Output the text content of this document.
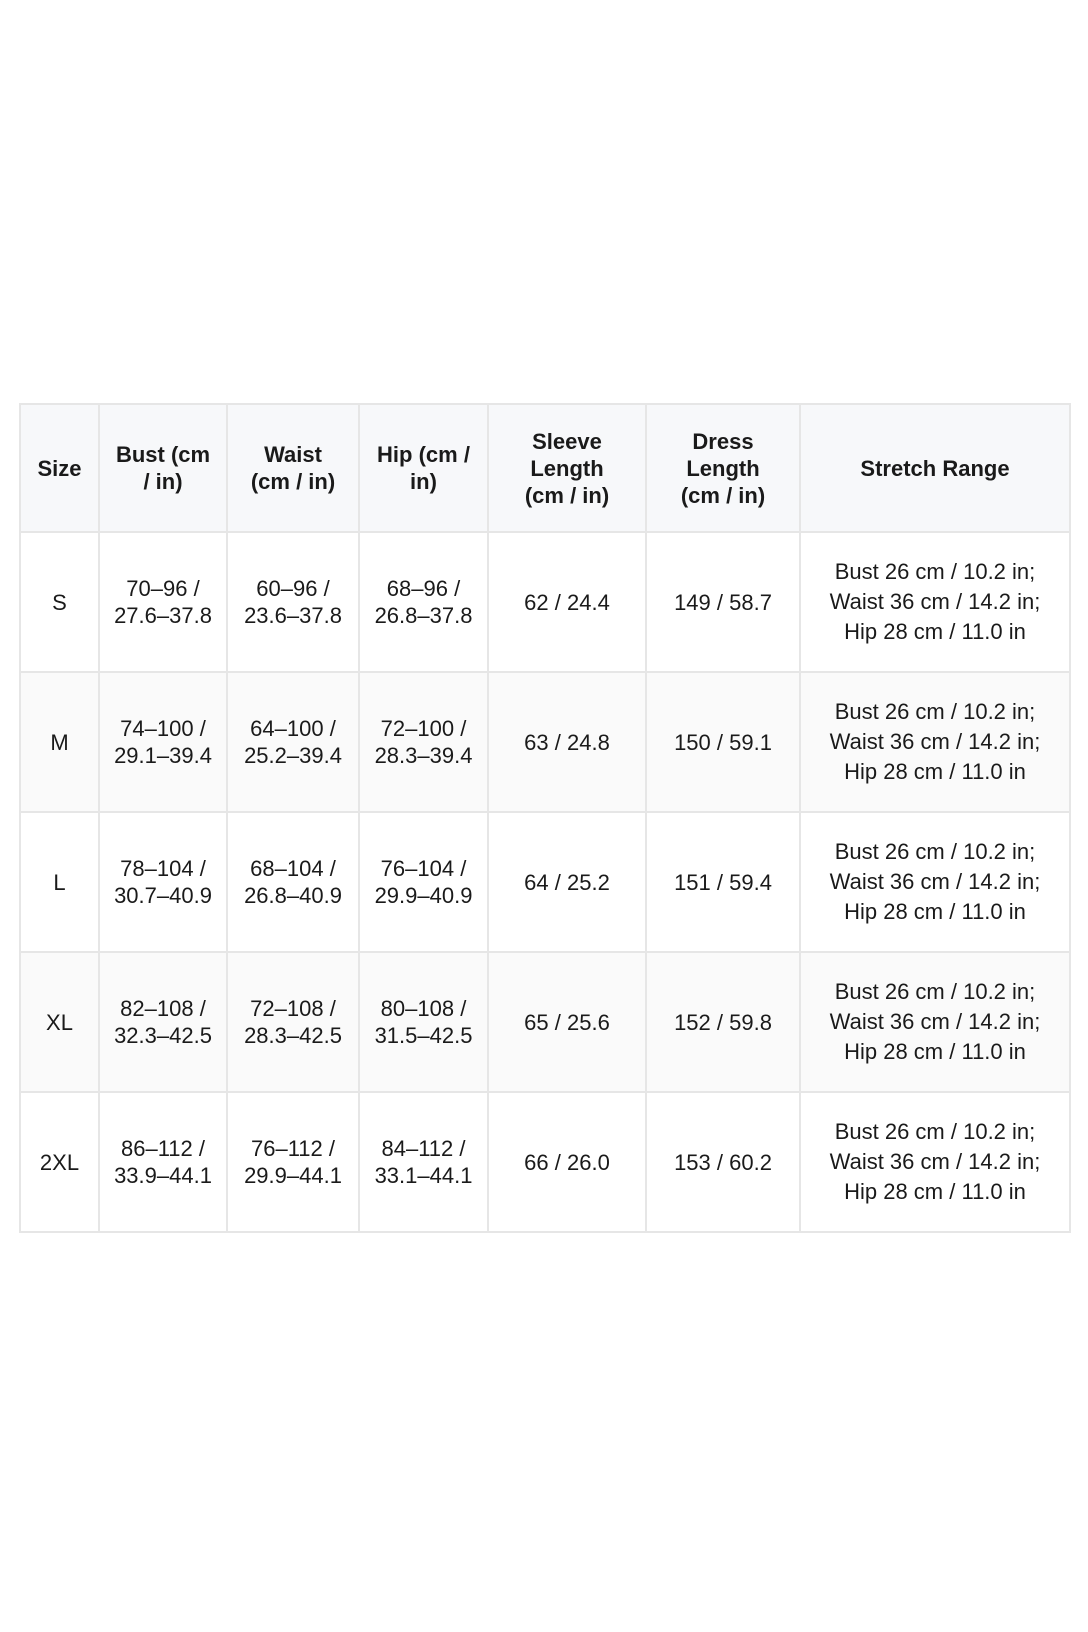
Size	Bust (cm / in)	Waist (cm / in)	Hip (cm / in)	Sleeve Length (cm / in)	Dress Length (cm / in)	Stretch Range
S	70–96 / 27.6–37.8	60–96 / 23.6–37.8	68–96 / 26.8–37.8	62 / 24.4	149 / 58.7	Bust 26 cm / 10.2 in; Waist 36 cm / 14.2 in; Hip 28 cm / 11.0 in
M	74–100 / 29.1–39.4	64–100 / 25.2–39.4	72–100 / 28.3–39.4	63 / 24.8	150 / 59.1	Bust 26 cm / 10.2 in; Waist 36 cm / 14.2 in; Hip 28 cm / 11.0 in
L	78–104 / 30.7–40.9	68–104 / 26.8–40.9	76–104 / 29.9–40.9	64 / 25.2	151 / 59.4	Bust 26 cm / 10.2 in; Waist 36 cm / 14.2 in; Hip 28 cm / 11.0 in
XL	82–108 / 32.3–42.5	72–108 / 28.3–42.5	80–108 / 31.5–42.5	65 / 25.6	152 / 59.8	Bust 26 cm / 10.2 in; Waist 36 cm / 14.2 in; Hip 28 cm / 11.0 in
2XL	86–112 / 33.9–44.1	76–112 / 29.9–44.1	84–112 / 33.1–44.1	66 / 26.0	153 / 60.2	Bust 26 cm / 10.2 in; Waist 36 cm / 14.2 in; Hip 28 cm / 11.0 in
